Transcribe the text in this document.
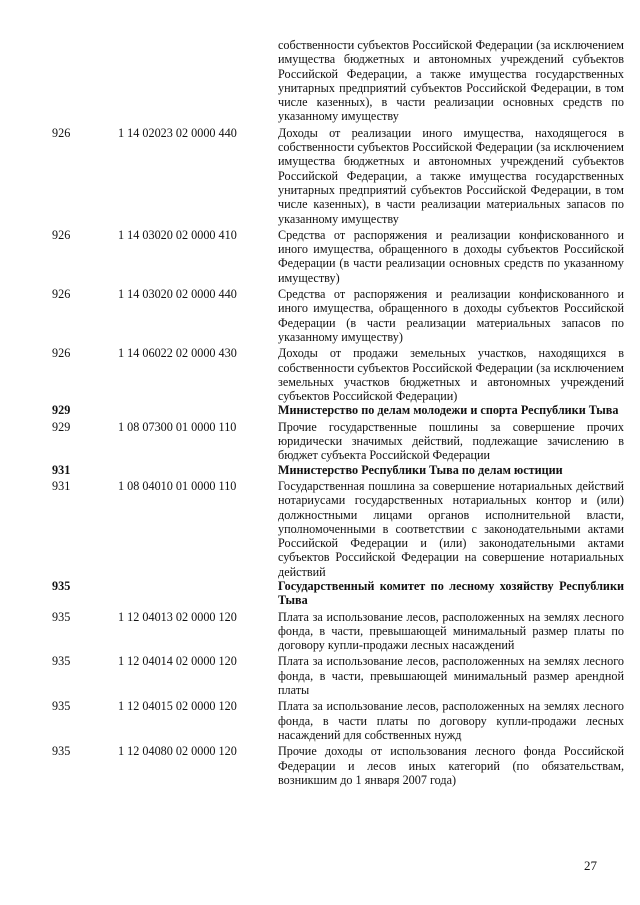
собственности субъектов Российской Федерации (за исключением имущества бюджетных и автономных учреждений субъектов Российской Федерации, а также имущества государственных унитарных предприятий субъектов Российской Федерации, в том числе казенных), в части реализации основных средств по указанному имуществу
926	1 14 02023 02 0000 440	Доходы от реализации иного имущества, находящегося в собственности субъектов Российской Федерации (за исключением имущества бюджетных и автономных учреждений субъектов Российской Федерации, а также имущества государственных унитарных предприятий субъектов Российской Федерации, в том числе казенных), в части реализации материальных запасов по указанному имуществу
926	1 14 03020 02 0000 410	Средства от распоряжения и реализации конфискованного и иного имущества, обращенного в доходы субъектов Российской Федерации (в части реализации основных средств по указанному имуществу)
926	1 14 03020 02 0000 440	Средства от распоряжения и реализации конфискованного и иного имущества, обращенного в доходы субъектов Российской Федерации (в части реализации материальных запасов по указанному имуществу)
926	1 14 06022 02 0000 430	Доходы от продажи земельных участков, находящихся в собственности субъектов Российской Федерации (за исключением земельных участков бюджетных и автономных учреждений субъектов Российской Федерации)
929	Министерство по делам молодежи и спорта Республики Тыва
929	1 08 07300 01 0000 110	Прочие государственные пошлины за совершение прочих юридически значимых действий, подлежащие зачислению в бюджет субъекта Российской Федерации
931	Министерство Республики Тыва по делам юстиции
931	1 08 04010 01 0000 110	Государственная пошлина за совершение нотариальных действий нотариусами государственных нотариальных контор и (или) должностными лицами органов исполнительной власти, уполномоченными в соответствии с законодательными актами Российской Федерации и (или) законодательными актами субъектов Российской Федерации на совершение нотариальных действий
935	Государственный комитет по лесному хозяйству Республики Тыва
935	1 12 04013 02 0000 120	Плата за использование лесов, расположенных на землях лесного фонда, в части, превышающей минимальный размер платы по договору купли-продажи лесных насаждений
935	1 12 04014 02 0000 120	Плата за использование лесов, расположенных на землях лесного фонда, в части, превышающей минимальный размер арендной платы
935	1 12 04015 02 0000 120	Плата за использование лесов, расположенных на землях лесного фонда, в части платы по договору купли-продажи лесных насаждений для собственных нужд
935	1 12 04080 02 0000 120	Прочие доходы от использования лесного фонда Российской Федерации и лесов иных категорий (по обязательствам, возникшим до 1 января 2007 года)
27
